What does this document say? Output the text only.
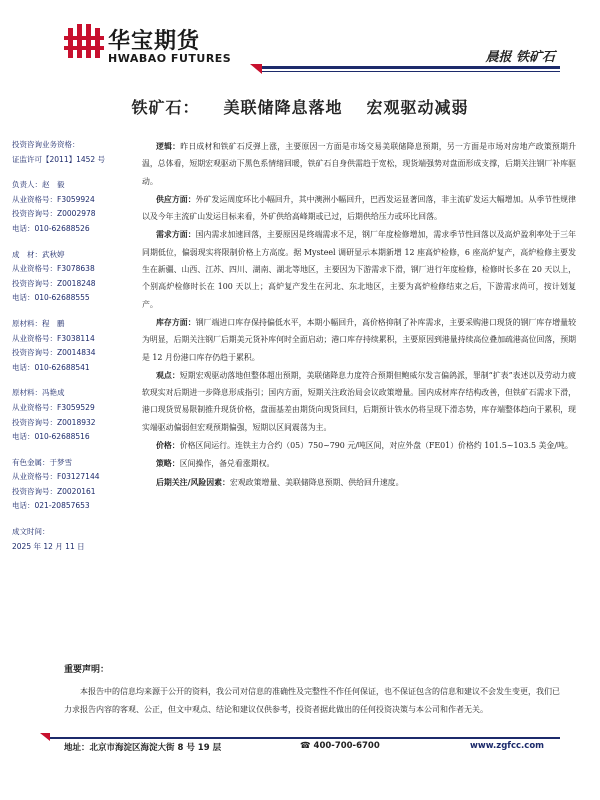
华宝期货
HWABAO FUTURES	晨报 铁矿石
铁矿石： 美联储降息落地 宏观驱动减弱
投资咨询业务资格：
证监许可【2011】1452 号
负责人：赵　毅
从业资格号：F3059924
投资咨询号：Z0002978
电话：010-62688526
成　材：武秋婷
从业资格号：F3078638
投资咨询号：Z0018248
电话：010-62688555
原材料：程　鹏
从业资格号：F3038114
投资咨询号：Z0014834
电话：010-62688541
原材料：冯艳成
从业资格号：F3059529
投资咨询号：Z0018932
电话：010-62688516
有色金属：于梦雪
从业资格号：F03127144
投资咨询号：Z0020161
电话：021-20857653
成文时间：
2025 年 12 月 11 日

逻辑：昨日成材和铁矿石反弹上涨，主要原因一方面是市场交易美联储降息预期，另一方面是市场对房地产政策预期升温，总体看，短期宏观驱动下黑色系情绪回暖，铁矿石自身供需趋于宽松，现货端强势对盘面形成支撑，后期关注钢厂补库驱动。

供应方面：外矿发运周度环比小幅回升，其中澳洲小幅回升，巴西发运显著回落，非主流矿发运大幅增加。从季节性规律以及今年主流矿山发运目标来看，外矿供给高峰期或已过，后期供给压力或环比回落。

需求方面：国内需求加速回落，主要原因是终端需求不足，钢厂年度检修增加，需求季节性回落以及高炉盈利率处于三年同期低位，偏弱现实将限制价格上方高度。据 Mysteel 调研显示本期新增 12 座高炉检修，6 座高炉复产，高炉检修主要发生在新疆、山西、江苏、四川、湖南、湖北等地区，主要因为下游需求下滑，钢厂进行年度检修，检修时长多在 20 天以上，个别高炉检修时长在 100 天以上；高炉复产发生在河北、东北地区，主要为高炉检修结束之后，下游需求尚可，按计划复产。

库存方面：钢厂端进口库存保持偏低水平，本期小幅回升，高价格抑制了补库需求，主要采购港口现货的钢厂库存增量较为明显，后期关注钢厂后期美元货补库何时全面启动；港口库存持续累积，主要原因到港量持续高位叠加疏港高位回落，预期是 12 月份港口库存仍趋于累积。

观点：短期宏观驱动落地但整体超出预期，美联储降息力度符合预期但鲍威尔发言偏鸽派，罪制“扩表”表述以及劳动力疲软现实对后期进一步降息形成指引；国内方面，短期关注政治局会议政策增量。国内成材库存结构改善，但铁矿石需求下滑，港口现货贸易限制推升现货价格，盘面基差由期货向现货回归，后期预计铁水仍将呈现下滑态势，库存端整体趋向于累积，现实端驱动偏弱但宏观预期偏强，短期以区间震荡为主。

价格：价格区间运行。连铁主力合约（05）750~790 元/吨区间，对应外盘（FE01）价格约 101.5~103.5 美金/吨。

策略：区间操作，备兑看涨期权。

后期关注/风险因素：宏观政策增量、美联储降息预期、供给回升速度。

重要声明：
本报告中的信息均来源于公开的资料，我公司对信息的准确性及完整性不作任何保证，也不保证包含的信息和建议不会发生变更，我们已力求报告内容的客观、公正，但文中观点、结论和建议仅供参考，投资者据此做出的任何投资决策与本公司和作者无关。
地址：北京市海淀区海淀大街 8 号 19 层	☎ 400-700-6700	www.zgfcc.com
